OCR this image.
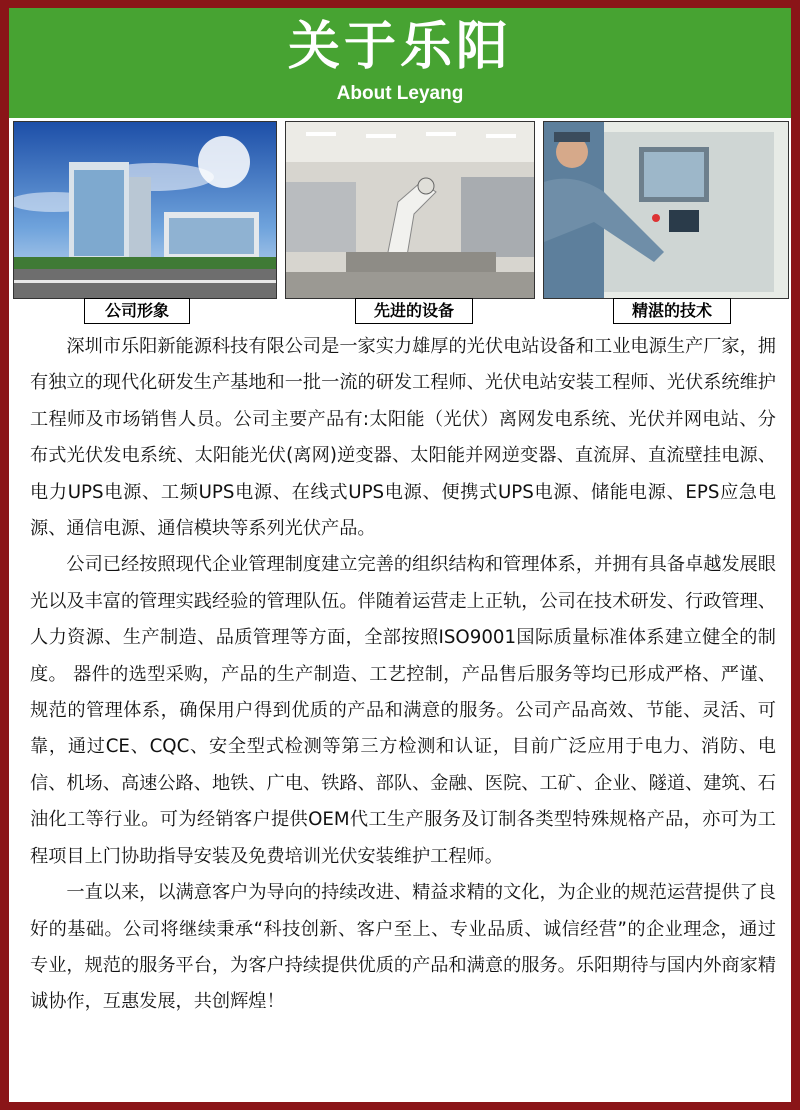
关于乐阳
About Leyang
公司形象	先进的设备	精湛的技术

深圳市乐阳新能源科技有限公司是一家实力雄厚的光伏电站设备和工业电源生产厂家，拥有独立的现代化研发生产基地和一批一流的研发工程师、光伏电站安装工程师、光伏系统维护工程师及市场销售人员。公司主要产品有:太阳能（光伏）离网发电系统、光伏并网电站、分布式光伏发电系统、太阳能光伏(离网)逆变器、太阳能并网逆变器、直流屏、直流壁挂电源、电力UPS电源、工频UPS电源、在线式UPS电源、便携式UPS电源、储能电源、EPS应急电源、通信电源、通信模块等系列光伏产品。

公司已经按照现代企业管理制度建立完善的组织结构和管理体系，并拥有具备卓越发展眼光以及丰富的管理实践经验的管理队伍。伴随着运营走上正轨，公司在技术研发、行政管理、人力资源、生产制造、品质管理等方面，全部按照ISO9001国际质量标准体系建立健全的制度。 器件的选型采购，产品的生产制造、工艺控制，产品售后服务等均已形成严格、严谨、规范的管理体系，确保用户得到优质的产品和满意的服务。公司产品高效、节能、灵活、可靠，通过CE、CQC、安全型式检测等第三方检测和认证，目前广泛应用于电力、消防、电信、机场、高速公路、地铁、广电、铁路、部队、金融、医院、工矿、企业、隧道、建筑、石油化工等行业。可为经销客户提供OEM代工生产服务及订制各类型特殊规格产品，亦可为工程项目上门协助指导安装及免费培训光伏安装维护工程师。

一直以来，以满意客户为导向的持续改进、精益求精的文化，为企业的规范运营提供了良好的基础。公司将继续秉承“科技创新、客户至上、专业品质、诚信经营”的企业理念，通过专业，规范的服务平台，为客户持续提供优质的产品和满意的服务。乐阳期待与国内外商家精诚协作，互惠发展，共创辉煌！
